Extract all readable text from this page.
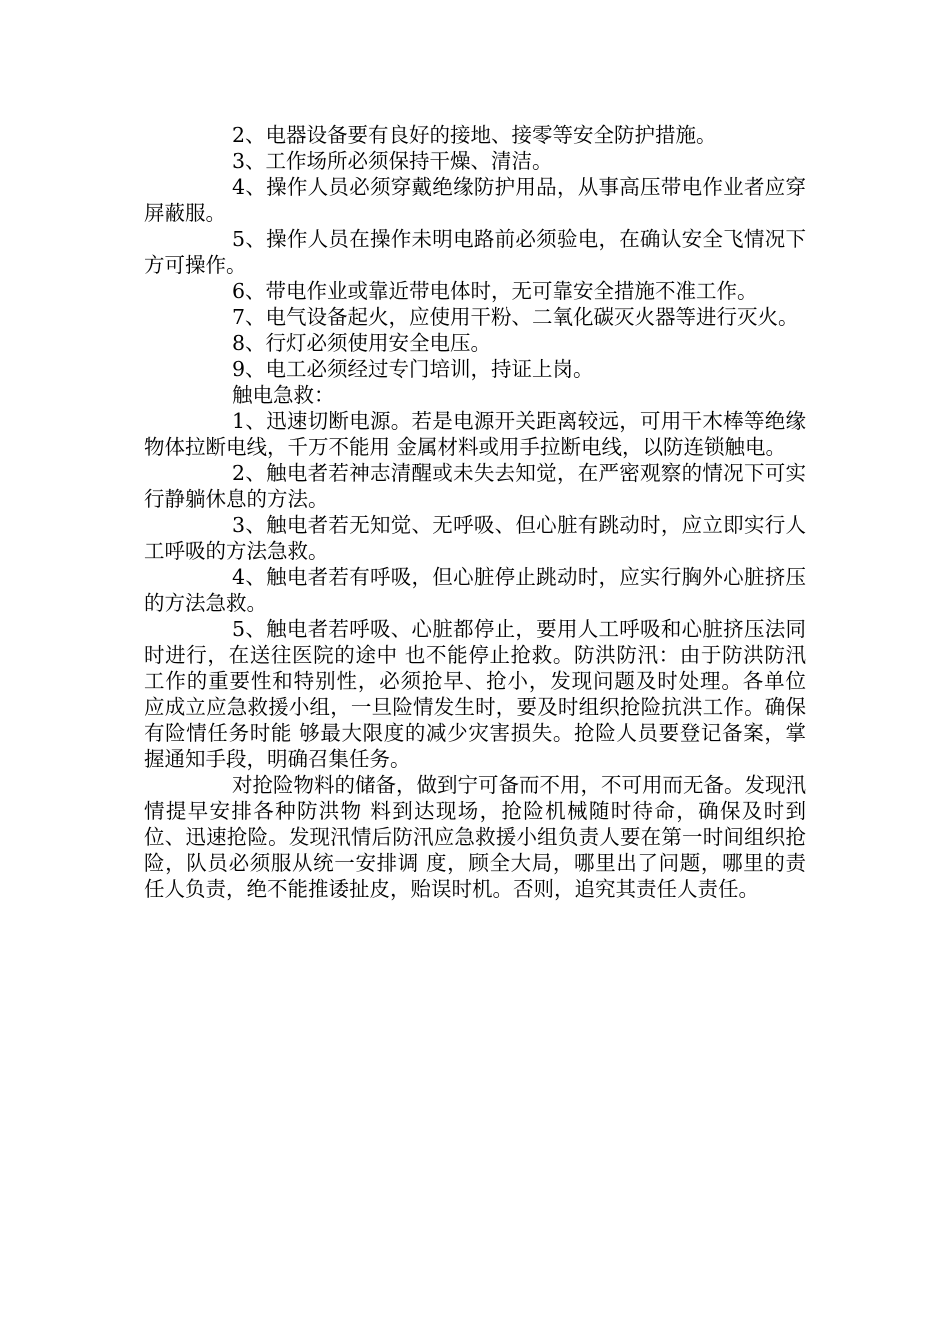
2、电器设备要有良好的接地、接零等安全防护措施。

3、工作场所必须保持干燥、清洁。

4、操作人员必须穿戴绝缘防护用品，从事高压带电作业者应穿屏蔽服。

5、操作人员在操作未明电路前必须验电，在确认安全飞情况下方可操作。

6、带电作业或靠近带电体时，无可靠安全措施不准工作。

7、电气设备起火，应使用干粉、二氧化碳灭火器等进行灭火。

8、行灯必须使用安全电压。

9、电工必须经过专门培训，持证上岗。

触电急救：

1、迅速切断电源。若是电源开关距离较远，可用干木棒等绝缘物体拉断电线，千万不能用 金属材料或用手拉断电线，以防连锁触电。

2、触电者若神志清醒或未失去知觉，在严密观察的情况下可实行静躺休息的方法。

3、触电者若无知觉、无呼吸、但心脏有跳动时，应立即实行人工呼吸的方法急救。

4、触电者若有呼吸，但心脏停止跳动时，应实行胸外心脏挤压的方法急救。

5、触电者若呼吸、心脏都停止，要用人工呼吸和心脏挤压法同时进行，在送往医院的途中 也不能停止抢救。防洪防汛：由于防洪防汛工作的重要性和特别性，必须抢早、抢小，发现问题及时处理。各单位 应成立应急救援小组，一旦险情发生时，要及时组织抢险抗洪工作。确保有险情任务时能 够最大限度的减少灾害损失。抢险人员要登记备案，掌握通知手段，明确召集任务。

对抢险物料的储备，做到宁可备而不用，不可用而无备。发现汛情提早安排各种防洪物 料到达现场，抢险机械随时待命，确保及时到位、迅速抢险。发现汛情后防汛应急救援小组负责人要在第一时间组织抢险，队员必须服从统一安排调 度，顾全大局，哪里出了问题，哪里的责任人负责，绝不能推诿扯皮，贻误时机。否则，追究其责任人责任。
